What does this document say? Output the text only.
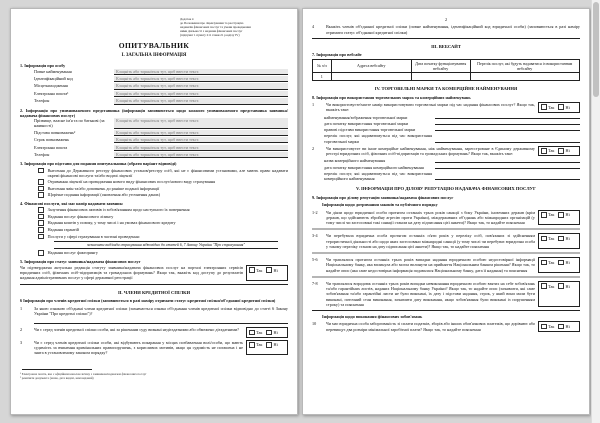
Додаток 4
до Положення про ліцензування та реєстрацію
надавачів фінансових послуг та умови провадження
ними діяльності з надання фінансових послуг
(підпункт 1 пункту 211 глави 21 розділу IV)
ОПИТУВАЛЬНИК
I. ЗАГАЛЬНА ІНФОРМАЦІЯ
1. Інформація про особу
Повне найменування	Клацніть або торкніться тут, щоб ввести текст.
Ідентифікаційний код	Клацніть або торкніться тут, щоб ввести текст.
Місцезнаходження	Клацніть або торкніться тут, щоб ввести текст.
Електронна пошта¹	Клацніть або торкніться тут, щоб ввести текст.
Телефон	Клацніть або торкніться тут, щоб ввести текст.
2. Інформація про уповноваженого представника (інформація заповнюється щодо кожного уповноваженого представника заявника/надавача фінансових послуг)
Прізвище, власне ім'я та по батькові (за наявності)
Клацніть або торкніться тут, щоб ввести текст.
Підстава повноважень²	Клацніть або торкніться тут, щоб ввести текст.
Строк повноважень	Клацніть або торкніться тут, щоб ввести текст.
Електронна пошта	Клацніть або торкніться тут, щоб ввести текст.
Телефон	Клацніть або торкніться тут, щоб ввести текст.
3. Інформація про підстави для подання опитувальника (обрати варіант відповіді)
Внесення до Державного реєстру фінансових установ/реєстру осіб, які не є фінансовими установами, але мають право надавати окремі фінансові послуги та/або видачі ліцензії
Отримання ліцензії на провадження нового виду фінансових послуг/нового виду страхування
Внесення змін та/або доповнень до раніше поданої інформації
Щорічне подання інформації (оновлення або уточнення даних)
4. Фінансові послуги, які має намір надавати заявник:
Залучення фінансових активів із зобов'язанням щодо наступного їх повернення
Надання послуг фінансового лізингу
Надання коштів у позику, у тому числі і на умовах фінансового кредиту
Надання гарантій
Послуги у сфері страхування в частині проведення:
зазначити вид/види страхування відповідно до статей 6, 7 Закону України "Про страхування"
Надання послуг факторингу
5. Інформація про статус заявника/надавача фінансових послуг
Чи підтверджена актуальна редакція статуту заявника/надавача фінансових послуг на порталі електронних сервісів юридичних осіб, фізичних осіб-підприємців та громадських формувань? Якщо так, вкажіть код доступу до результатів надання адміністративних послуг у сфері державної реєстрації
Так	Ні
II. ЧЛЕНИ КРЕДИТНОЇ СПІЛКИ
6 Інформація про членів кредитної спілки (заповнюється в разі наміру отримати статус кредитної спілки/об'єднаної кредитної спілки)
1	За якою ознакою об'єднані члени кредитної спілки (зазначається ознака об'єднання членів кредитної спілки відповідно до статті 6 Закону України "Про кредитні спілки")?
2	Чи є серед членів кредитної спілки особи, які за рішенням суду визнані недієздатними або обмежено дієздатними?
Так	Ні
3	Чи є серед членів кредитної спілки особи, які відбувають покарання у місцях позбавлення волі/особи, що мають судимість за вчинення кримінальних правопорушень, з корисливих мотивів, якщо ця судимість не погашена і не знята в установленому законом порядку?
Так	Ні
¹ Електронна пошта, яка є офіційним каналом зв'язку з заявником/надавачем фінансових послуг
² реквізити документа (назва, дата видачі, ким виданий)
2
4	Вкажіть членів об'єднаної кредитної спілки (повне найменування, ідентифікаційний код юридичної особи) (заповнюється в разі наміру отримати статус об'єднаної кредитної спілки)
III. ВЕБСАЙТ
7. Інформація про вебсайт
№ з/п	Адреса вебсайту	Дата початку функціонування вебсайту	Перелік послуг, які будуть надаватися із використанням вебсайту
1			
IV. ТОРГОВЕЛЬНІ МАРКИ ТА КОМЕРЦІЙНЕ НАЙМЕНУВАННЯ
8. Інформація про використання торговельних марок та комерційних найменувань
1	Чи використовуєте/маєте намір використовувати торговельні марки під час надання фінансових послуг? Якщо так, вкажіть таке:
Так	Ні
найменування/зображення торговельної марки
дата початку використання торговельної марки
правові підстави використання торговельної марки
перелік послуг, які надаватимуться під час використання торговельної марки
2	Чи використовуєте ви інше комерційне найменування, ніж найменування, зареєстроване в Єдиному державному реєстрі юридичних осіб, фізичних осіб-підприємців та громадських формувань? Якщо так, вкажіть таке:
Так	Ні
назва комерційного найменування
дата початку використання комерційного найменування
перелік послуг, які надаватимуться під час використання комерційного найменування
V. ІНФОРМАЦІЯ ПРО ДІЛОВУ РЕПУТАЦІЮ НАДАВАЧА ФІНАНСОВИХ ПОСЛУГ
9. Інформація про ділову репутацію заявника/надавача фінансових послуг
Інформація щодо дотримання законів та публічного порядку
1-2	Чи діяли щодо юридичної особи протягом останніх трьох років санкції з боку України, іноземних держав (крім держав, що здійснюють збройну агресію проти України), міждержавних об'єднань або міжнародних організацій (у тому числі чи застосовані такі санкції станом на дату підписання цієї анкети)? Якщо так, то надайте пояснення
Так	Ні
3-4	Чи перебувала юридична особа протягом останніх п'яти років у переліку осіб, пов'язаних зі здійсненням терористичної діяльності або щодо яких застосовано міжнародні санкції (у тому числі чи перебуває юридична особа у такому переліку станом на дату підписання цієї анкети)? Якщо так, то надайте пояснення
Так	Ні
5-6	Чи траплялися протягом останніх трьох років випадки надання юридичною особою недостовірної інформації Національному банку, яка вплинула або могла вплинути на прийняття Національним банком рішення? Якщо так, то надайте опис (яка саме недостовірна інформація подавалася Національному банку, дата її надання) та пояснення
Так	Ні
7-8	Чи траплялися впродовж останніх трьох років випадки невиконання юридичною особою взятих на себе зобов'язань та/або гарантійних листів, наданих Національному банку України? Якщо так, то надайте опис (зазначити, які саме зобов'язання та/або гарантійні листи не були виконані, їх дату і підстави надання, строк, у який вони мали бути виконані, поточний стан виконання, зазначити дату виконання, якщо зобов'язання були виконані із порушенням строку) та пояснення
Так	Ні
Інформація щодо виконання фінансових зобов'язань
10	Чи має юридична особа заборгованість зі сплати податків, зборів або інших обов'язкових платежів, що дорівнює або перевищує два розміри мінімальної заробітної плати? Якщо так, то надайте пояснення
Так	Ні
